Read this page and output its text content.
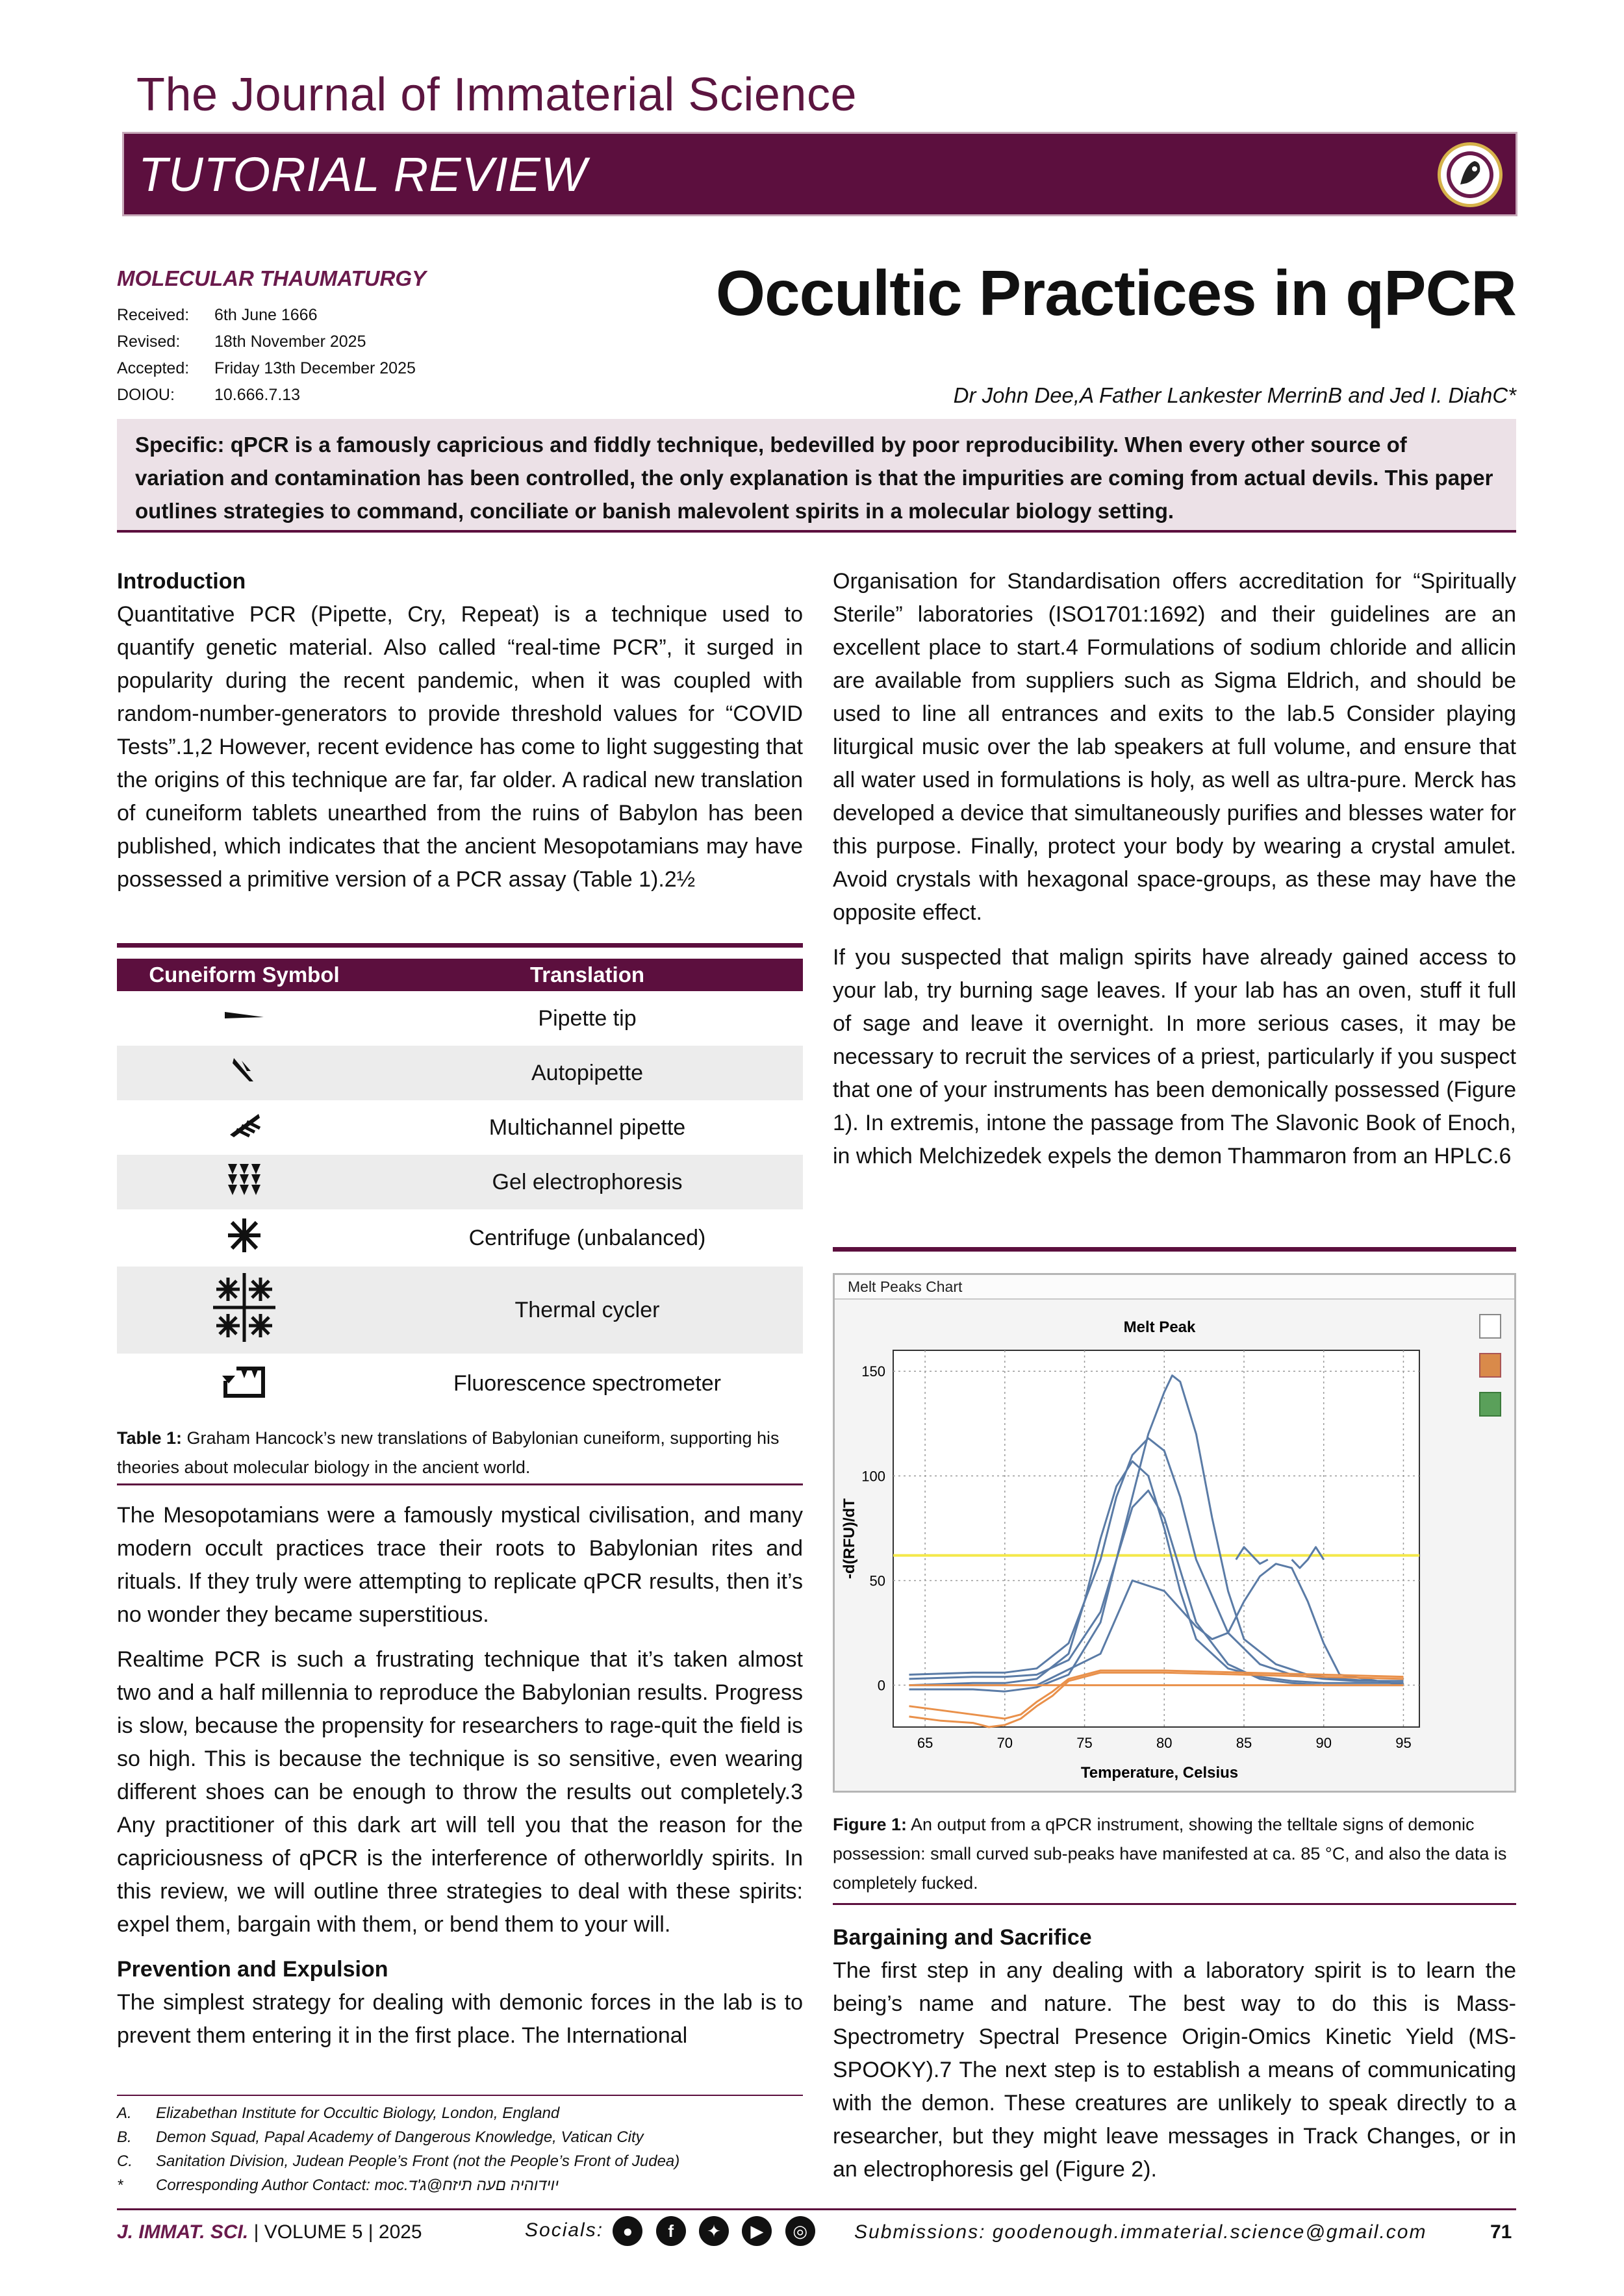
The Journal of Immaterial Science
TUTORIAL REVIEW
MOLECULAR THAUMATURGY
Received:	6th June 1666
Revised:	18th November 2025
Accepted:	Friday 13th December 2025
DOIOU:	10.666.7.13
Occultic Practices in qPCR
Dr John Dee,A Father Lankester MerrinB and Jed I. DiahC*
Specific: qPCR is a famously capricious and fiddly technique, bedevilled by poor reproducibility. When every other source of variation and contamination has been controlled, the only explanation is that the impurities are coming from actual devils. This paper outlines strategies to command, conciliate or banish malevolent spirits in a molecular biology setting.
Introduction

Quantitative PCR (Pipette, Cry, Repeat) is a technique used to quantify genetic material. Also called “real-time PCR”, it surged in popularity during the recent pandemic, when it was coupled with random-number-generators to provide threshold values for “COVID Tests”.1,2 However, recent evidence has come to light suggesting that the origins of this technique are far, far older. A radical new translation of cuneiform tablets unearthed from the ruins of Babylon has been published, which indicates that the ancient Mesopotamians may have possessed a primitive version of a PCR assay (Table 1).2½

Cuneiform Symbol	Translation
	Pipette tip
	Autopipette
	Multichannel pipette
	Gel electrophoresis
	Centrifuge (unbalanced)
	Thermal cycler
	Fluorescence spectrometer
Table 1: Graham Hancock’s new translations of Babylonian cuneiform, supporting his theories about molecular biology in the ancient world.

The Mesopotamians were a famously mystical civilisation, and many modern occult practices trace their roots to Babylonian rites and rituals. If they truly were attempting to replicate qPCR results, then it’s no wonder they became superstitious.

Realtime PCR is such a frustrating technique that it’s taken almost two and a half millennia to reproduce the Babylonian results. Progress is slow, because the propensity for researchers to rage-quit the field is so high. This is because the technique is so sensitive, even wearing different shoes can be enough to throw the results out completely.3 Any practitioner of this dark art will tell you that the reason for the capriciousness of qPCR is the interference of otherworldly spirits. In this review, we will outline three strategies to deal with these spirits: expel them, bargain with them, or bend them to your will.

Prevention and Expulsion

The simplest strategy for dealing with demonic forces in the lab is to prevent them entering it in the first place. The International

A. Elizabethan Institute for Occultic Biology, London, England
B. Demon Squad, Papal Academy of Dangerous Knowledge, Vatican City
C. Sanitation Division, Judean People’s Front (not the People’s Front of Judea)
* Corresponding Author Contact: moc.יוידוהיה םעה תיזח@ג'ד

Organisation for Standardisation offers accreditation for “Spiritually Sterile” laboratories (ISO1701:1692) and their guidelines are an excellent place to start.4 Formulations of sodium chloride and allicin are available from suppliers such as Sigma Eldrich, and should be used to line all entrances and exits to the lab.5 Consider playing liturgical music over the lab speakers at full volume, and ensure that all water used in formulations is holy, as well as ultra-pure. Merck has developed a device that simultaneously purifies and blesses water for this purpose. Finally, protect your body by wearing a crystal amulet. Avoid crystals with hexagonal space-groups, as these may have the opposite effect.

If you suspected that malign spirits have already gained access to your lab, try burning sage leaves. If your lab has an oven, stuff it full of sage and leave it overnight. In more serious cases, it may be necessary to recruit the services of a priest, particularly if you suspect that one of your instruments has been demonically possessed (Figure 1). In extremis, intone the passage from The Slavonic Book of Enoch, in which Melchizedek expels the demon Thammaron from an HPLC.6

Melt Peaks Chart
Melt Peak
-d(RFU)/dT
Temperature, Celsius
65	70	75	80	85	90	95
0
50
100
150
Figure 1: An output from a qPCR instrument, showing the telltale signs of demonic possession: small curved sub-peaks have manifested at ca. 85 °C, and also the data is completely fucked.
Bargaining and Sacrifice

The first step in any dealing with a laboratory spirit is to learn the being’s name and nature. The best way to do this is Mass-Spectrometry Spectral Presence Origin-Omics Kinetic Yield (MS-SPOOKY).7 The next step is to establish a means of communicating with the demon. These creatures are unlikely to speak directly to a researcher, but they might leave messages in Track Changes, or in an electrophoresis gel (Figure 2).

J. IMMAT. SCI. | VOLUME 5 | 2025	Socials: ● f ✦ ▶ ◎	Submissions: goodenough.immaterial.science@gmail.com	71
